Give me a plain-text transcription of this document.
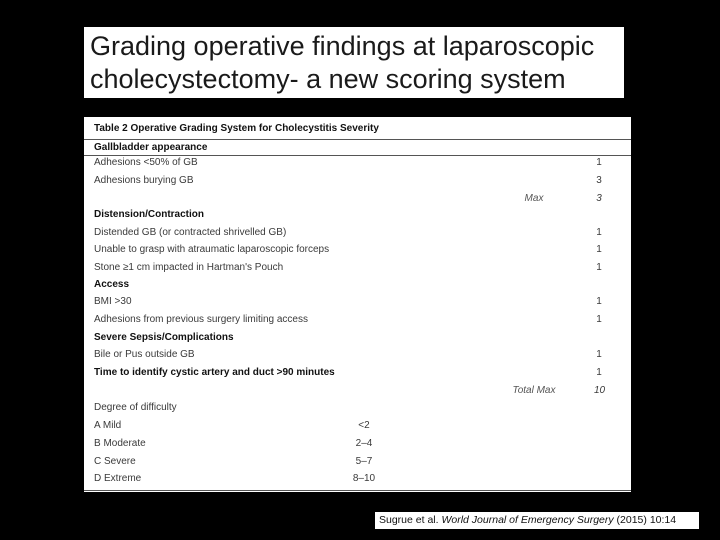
Grading operative findings at laparoscopic
cholecystectomy- a new scoring system
Table 2 Operative Grading System for Cholecystitis Severity
Gallbladder appearance
Adhesions <50% of GB	1
Adhesions burying GB	3
Max	3
Distension/Contraction
Distended GB (or contracted shrivelled GB)	1
Unable to grasp with atraumatic laparoscopic forceps	1
Stone ≥1 cm impacted in Hartman's Pouch	1
Access
BMI >30	1
Adhesions from previous surgery limiting access	1
Severe Sepsis/Complications
Bile or Pus outside GB	1
Time to identify cystic artery and duct >90 minutes	1
Total Max	10
Degree of difficulty
A Mild	<2
B Moderate	2–4
C Severe	5–7
D Extreme	8–10
Sugrue et al. World Journal of Emergency Surgery (2015) 10:14
